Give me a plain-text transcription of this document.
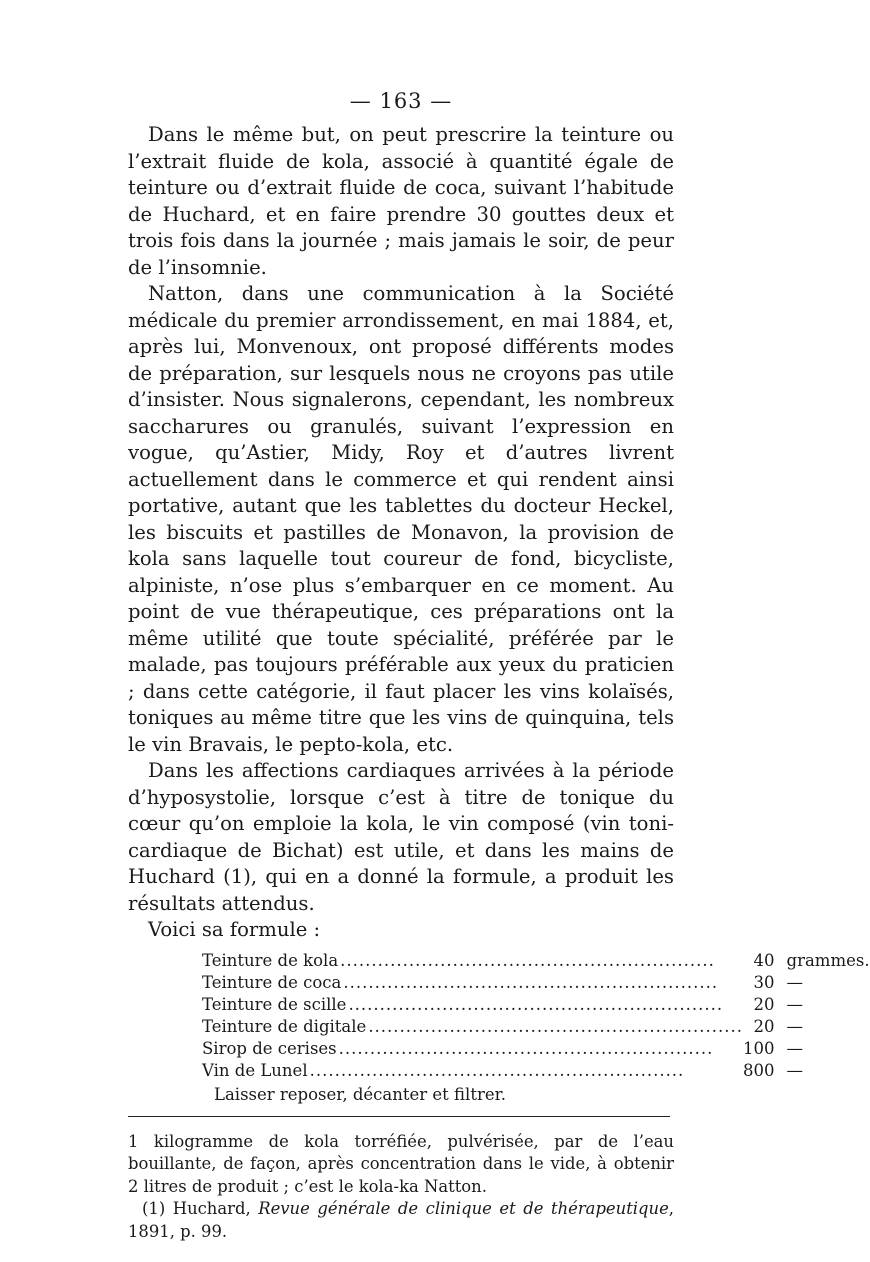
— 163 —

Dans le même but, on peut prescrire la teinture ou l’extrait fluide de kola, associé à quantité égale de teinture ou d’extrait fluide de coca, suivant l’habitude de Huchard, et en faire prendre 30 gouttes deux et trois fois dans la journée ; mais jamais le soir, de peur de l’insomnie.

Natton, dans une communication à la Société médicale du premier arrondissement, en mai 1884, et, après lui, Monvenoux, ont proposé différents modes de préparation, sur lesquels nous ne croyons pas utile d’insister. Nous signalerons, cependant, les nombreux saccharures ou granulés, suivant l’expression en vogue, qu’Astier, Midy, Roy et d’autres livrent actuellement dans le commerce et qui rendent ainsi portative, autant que les tablettes du docteur Heckel, les biscuits et pastilles de Monavon, la provision de kola sans laquelle tout coureur de fond, bicycliste, alpiniste, n’ose plus s’embarquer en ce moment. Au point de vue thérapeutique, ces préparations ont la même utilité que toute spécialité, préférée par le malade, pas toujours préférable aux yeux du praticien ; dans cette catégorie, il faut placer les vins kolaïsés, toniques au même titre que les vins de quinquina, tels le vin Bravais, le pepto-kola, etc.

Dans les affections cardiaques arrivées à la période d’hyposystolie, lorsque c’est à titre de tonique du cœur qu’on emploie la kola, le vin composé (vin toni-cardiaque de Bichat) est utile, et dans les mains de Huchard (1), qui en a donné la formule, a produit les résultats attendus.

Voici sa formule :

Teinture de kola ............................................................	40	grammes.
Teinture de coca ............................................................	30	—
Teinture de scille ............................................................	20	—
Teinture de digitale ............................................................	20	—
Sirop de cerises ............................................................	100	—
Vin de Lunel ............................................................	800	—
Laisser reposer, décanter et filtrer.

1 kilogramme de kola torréfiée, pulvérisée, par de l’eau bouillante, de façon, après concentration dans le vide, à obtenir 2 litres de produit ; c’est le kola-ka Natton.

(1) Huchard, Revue générale de clinique et de thérapeutique, 1891, p. 99.
